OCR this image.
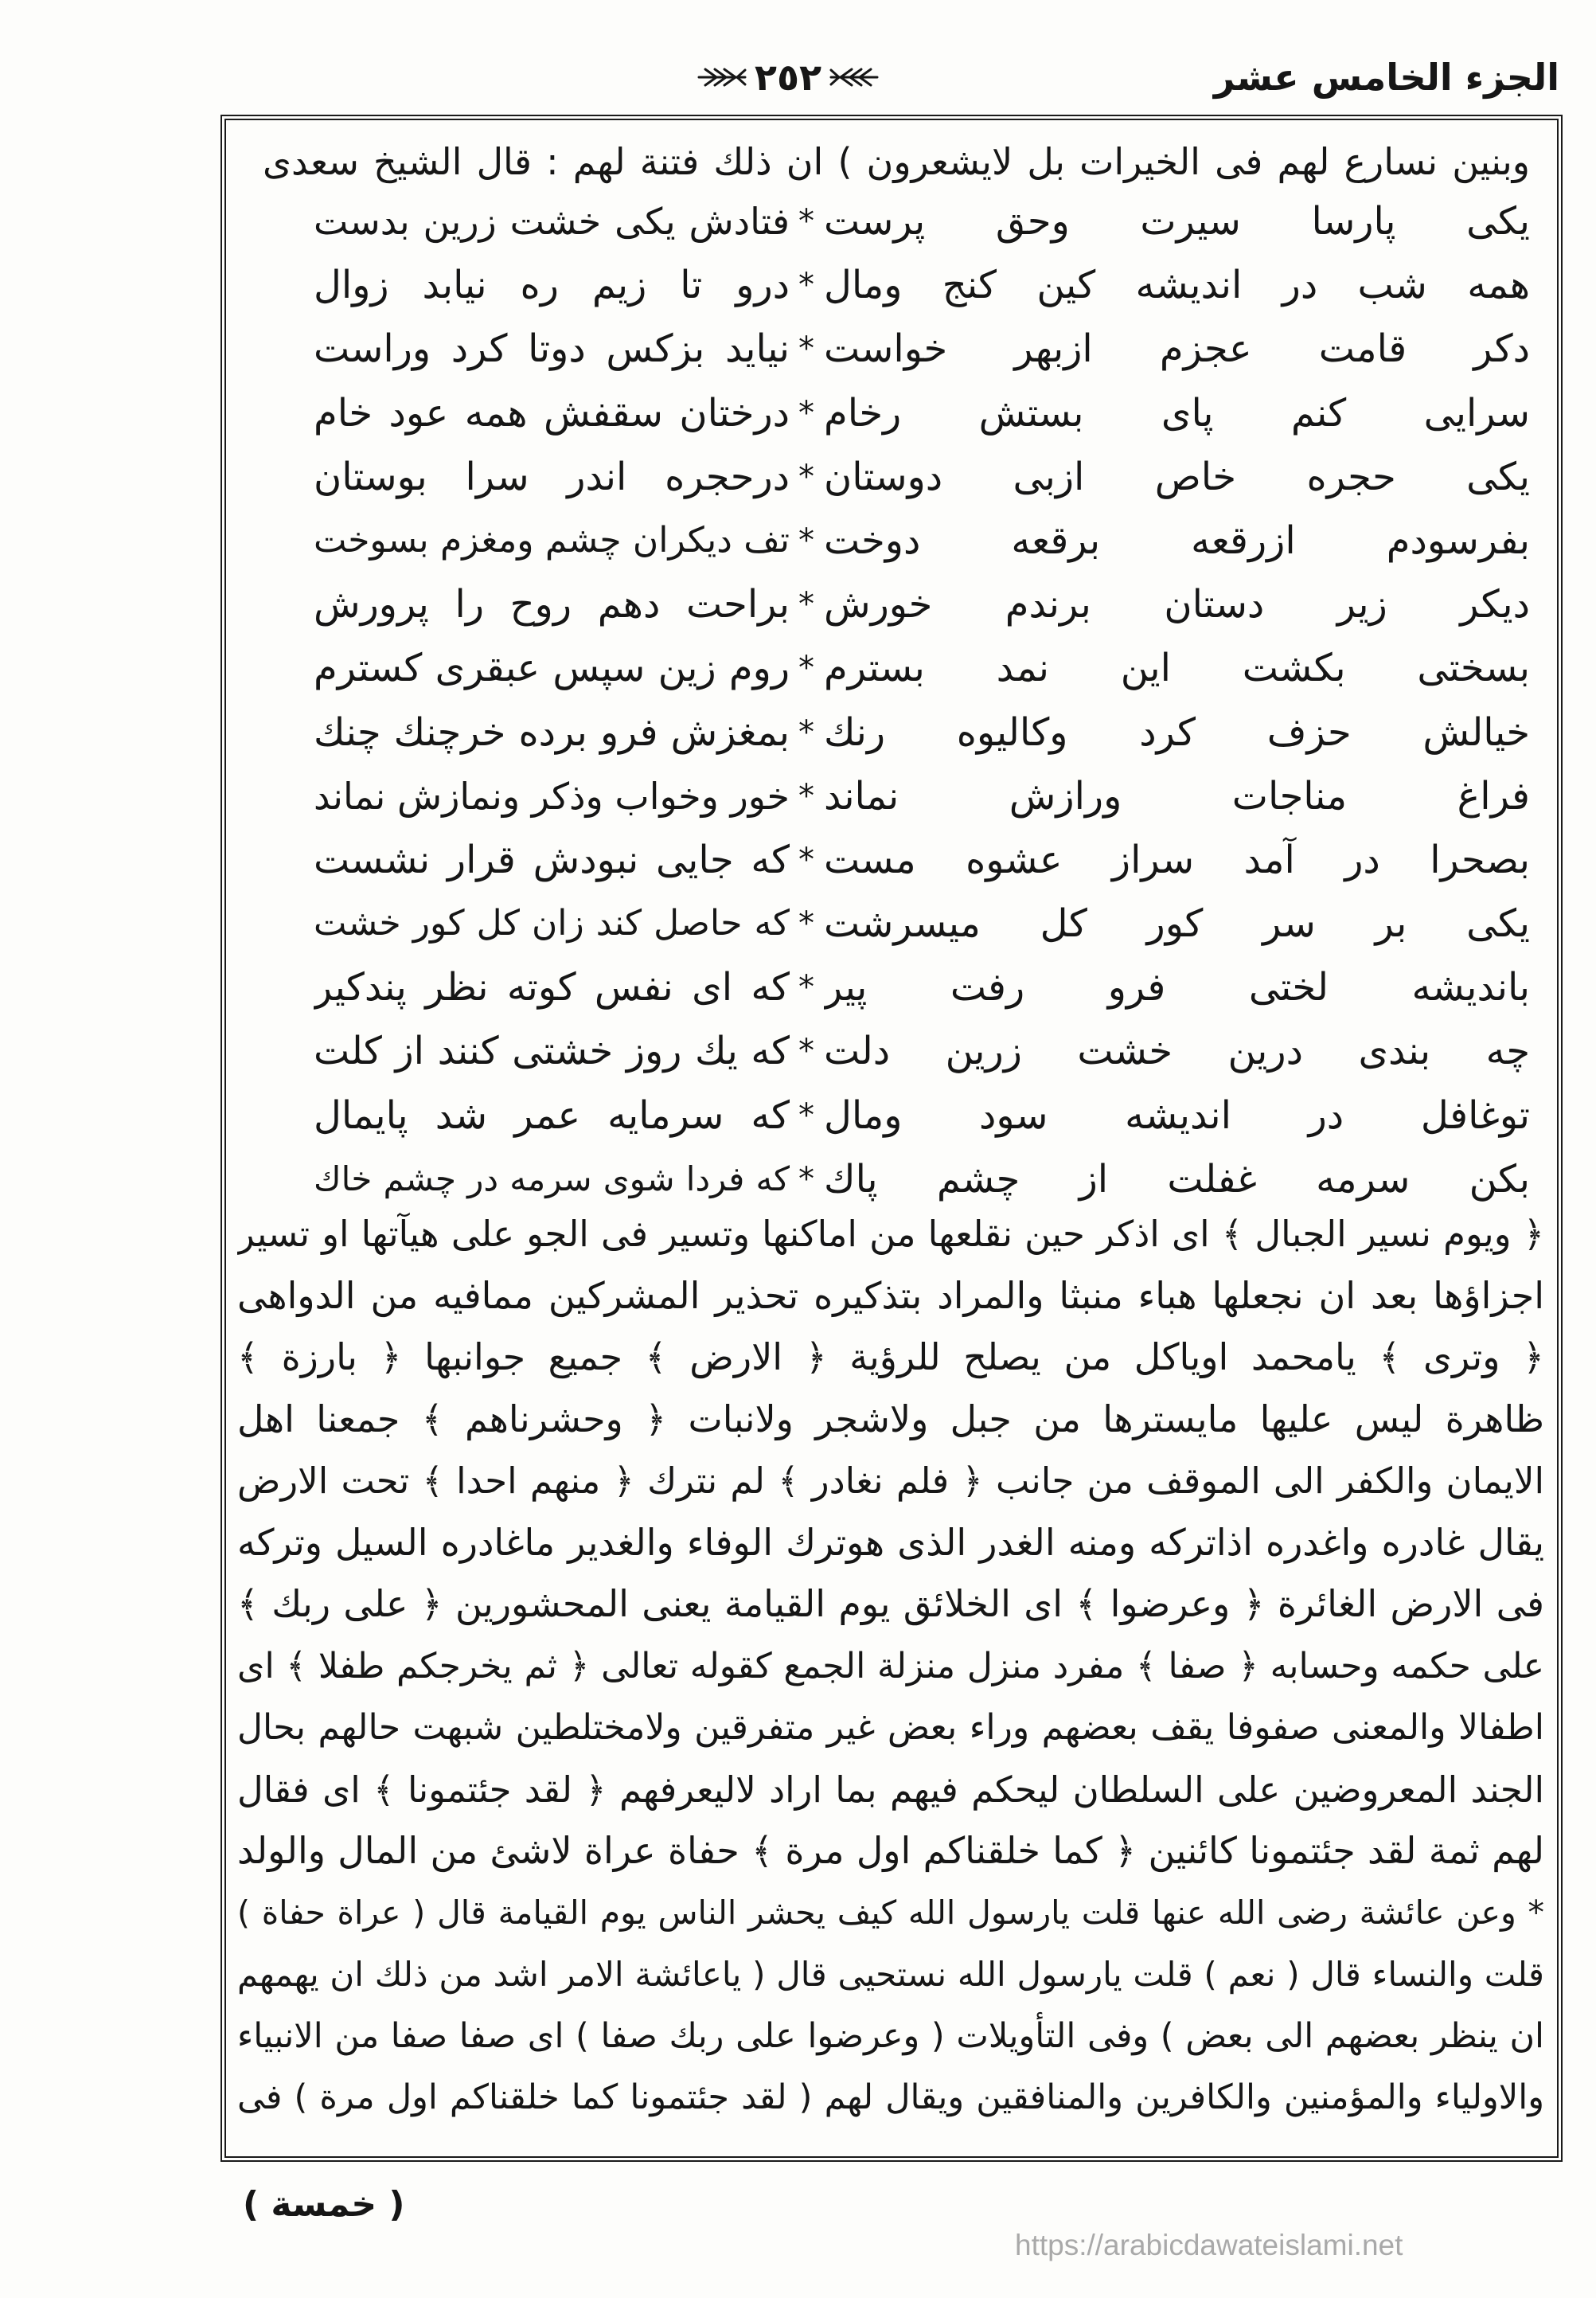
الجزء الخامس عشر
٢٥٢
وبنين نسارع لهم فى الخيرات بل لايشعرون ) ان ذلك فتنة لهم : قال الشيخ سعدى
يكى پارسا سيرت وحق پرست
*
فتادش يكى خشت زرين بدست
همه شب در انديشه كين كنج ومال
*
درو تا زيم ره نيابد زوال
دكر قامت عجزم ازبهر خواست
*
نيايد بزكس دوتا كرد وراست
سرايى كنم پاى بستش رخام
*
درختان سقفش همه عود خام
يكى حجره خاص ازبى دوستان
*
درحجره اندر سرا بوستان
بفرسودم ازرقعه برقعه دوخت
*
تف ديكران چشم ومغزم بسوخت
ديكر زير دستان برندم خورش
*
براحت دهم روح را پرورش
بسختى بكشت اين نمد بسترم
*
روم زين سپس عبقرى كسترم
خيالش حزف كرد وكاليوه رنك
*
بمغزش فرو برده خرچنك چنك
فراغ مناجات ورازش نماند
*
خور وخواب وذكر ونمازش نماند
بصحرا در آمد سراز عشوه مست
*
كه جايى نبودش قرار نشست
يكى بر سر كور كل ميسرشت
*
كه حاصل كند زان كل كور خشت
بانديشه لختى فرو رفت پير
*
كه اى نفس كوته نظر پندكير
چه بندى درين خشت زرين دلت
*
كه يك روز خشتى كنند از كلت
توغافل در انديشه سود ومال
*
كه سرمايه عمر شد پايمال
بكن سرمه غفلت از چشم پاك
*
كه فردا شوى سرمه در چشم خاك
﴿ ويوم نسير الجبال ﴾ اى اذكر حين نقلعها من اماكنها وتسير فى الجو على هيآتها او تسير
اجزاؤها بعد ان نجعلها هباء منبثا والمراد بتذكيره تحذير المشركين ممافيه من الدواهى
﴿ وترى ﴾ يامحمد اوياكل من يصلح للرؤية ﴿ الارض ﴾ جميع جوانبها ﴿ بارزة ﴾
ظاهرة ليس عليها مايسترها من جبل ولاشجر ولانبات ﴿ وحشرناهم ﴾ جمعنا اهل
الايمان والكفر الى الموقف من جانب ﴿ فلم نغادر ﴾ لم نترك ﴿ منهم احدا ﴾ تحت الارض
يقال غادره واغدره اذاتركه ومنه الغدر الذى هوترك الوفاء والغدير ماغادره السيل وتركه
فى الارض الغائرة ﴿ وعرضوا ﴾ اى الخلائق يوم القيامة يعنى المحشورين ﴿ على ربك ﴾
على حكمه وحسابه ﴿ صفا ﴾ مفرد منزل منزلة الجمع كقوله تعالى ﴿ ثم يخرجكم طفلا ﴾ اى
اطفالا والمعنى صفوفا يقف بعضهم وراء بعض غير متفرقين ولامختلطين شبهت حالهم بحال
الجند المعروضين على السلطان ليحكم فيهم بما اراد لاليعرفهم ﴿ لقد جئتمونا ﴾ اى فقال
لهم ثمة لقد جئتمونا كائنين ﴿ كما خلقناكم اول مرة ﴾ حفاة عراة لاشئ من المال والولد
* وعن عائشة رضى الله عنها قلت يارسول الله كيف يحشر الناس يوم القيامة قال ( عراة حفاة )
قلت والنساء قال ( نعم ) قلت يارسول الله نستحيى قال ( ياعائشة الامر اشد من ذلك ان يهمهم
ان ينظر بعضهم الى بعض ) وفى التأويلات ( وعرضوا على ربك صفا ) اى صفا صفا من الانبياء
والاولياء والمؤمنين والكافرين والمنافقين ويقال لهم ( لقد جئتمونا كما خلقناكم اول مرة ) فى
( خمسة )
https://arabicdawateislami.net
